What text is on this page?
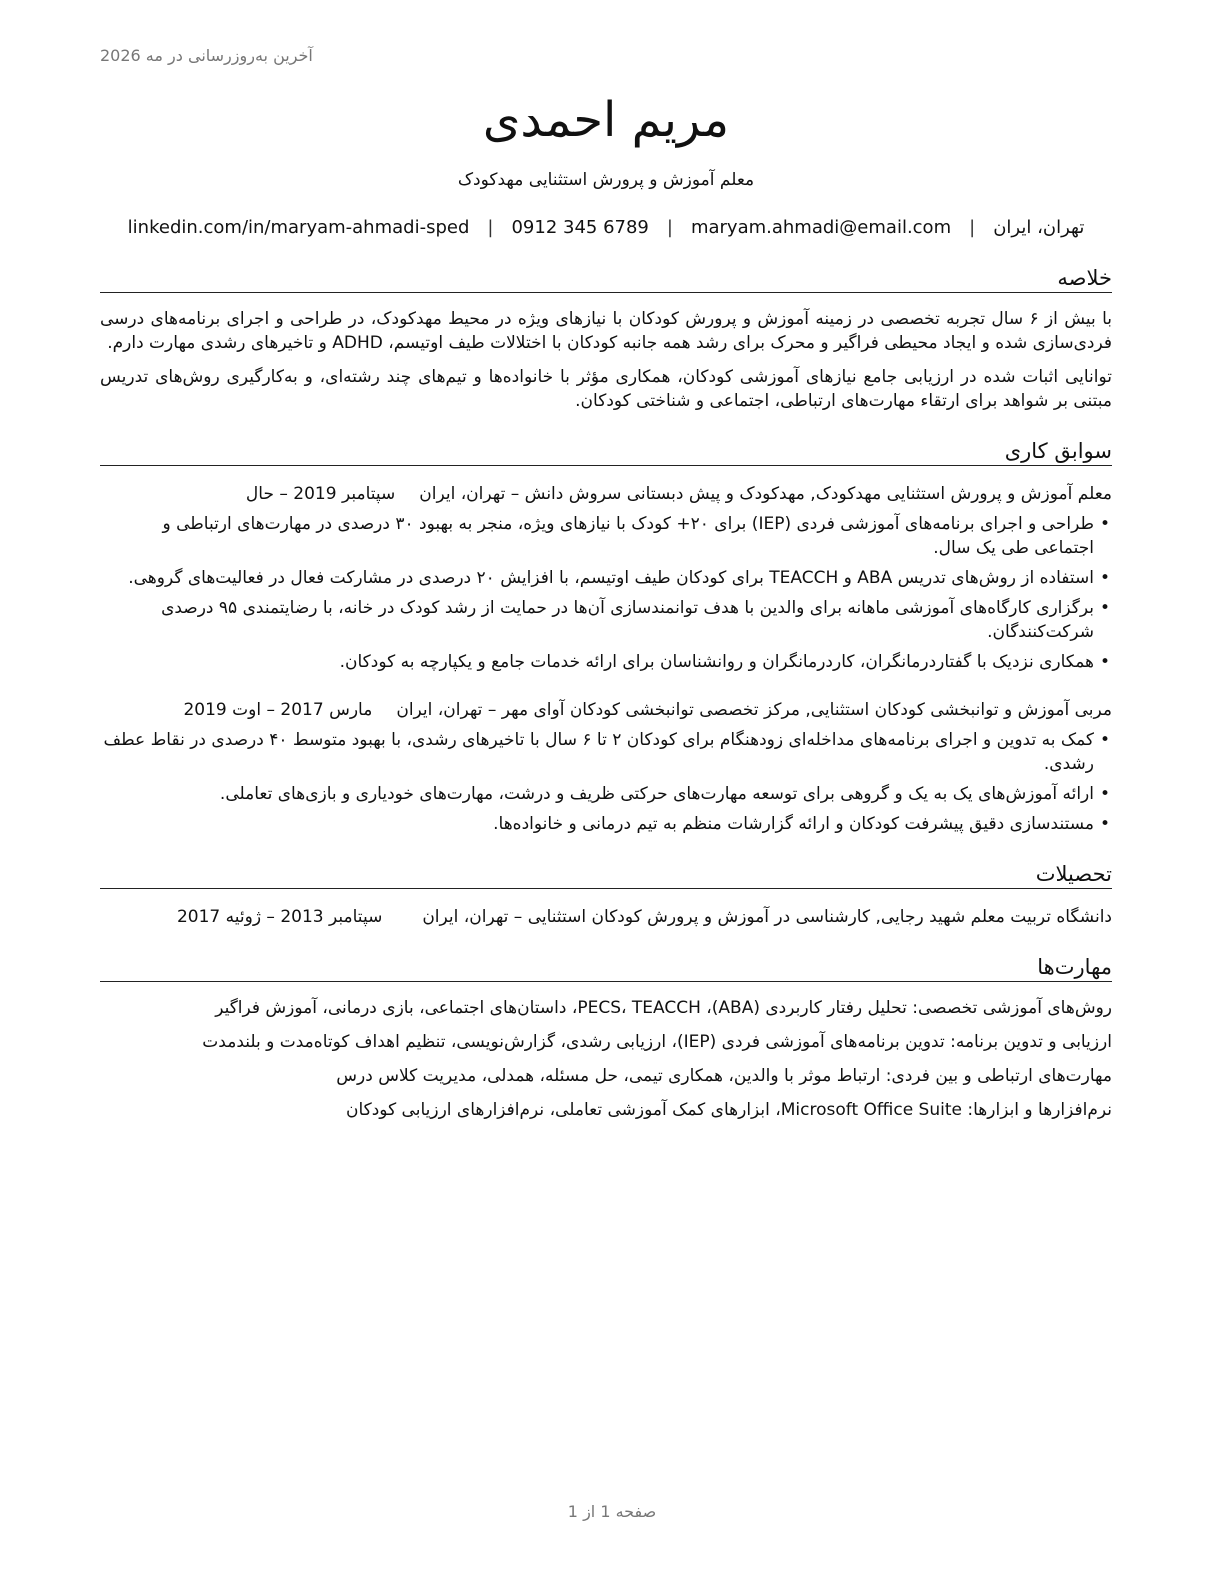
آخرین به‌روزرسانی در مه 2026
مریم احمدی
معلم آموزش و پرورش استثنایی مهدکودک
تهران، ایران
|
maryam.ahmadi@email.com
|
0912 345 6789
|
linkedin.com/in/maryam-ahmadi-sped
خلاصه
با بیش از ۶ سال تجربه تخصصی در زمینه آموزش و پرورش کودکان با نیازهای ویژه در محیط مهدکودک، در طراحی و اجرای برنامه‌های درسی فردی‌سازی شده و ایجاد محیطی فراگیر و محرک برای رشد همه جانبه کودکان با اختلالات طیف اوتیسم، ADHD و تاخیرهای رشدی مهارت دارم.
توانایی اثبات شده در ارزیابی جامع نیازهای آموزشی کودکان، همکاری مؤثر با خانواده‌ها و تیم‌های چند رشته‌ای، و به‌کارگیری روش‌های تدریس مبتنی بر شواهد برای ارتقاء مهارت‌های ارتباطی، اجتماعی و شناختی کودکان.
سوابق کاری
معلم آموزش و پرورش استثنایی مهدکودک, مهدکودک و پیش دبستانی سروش دانش – تهران، ایران
سپتامبر 2019 – حال
• طراحی و اجرای برنامه‌های آموزشی فردی (IEP) برای ۲۰+ کودک با نیازهای ویژه، منجر به بهبود ۳۰ درصدی در مهارت‌های ارتباطی و اجتماعی طی یک سال.
• استفاده از روش‌های تدریس ABA و TEACCH برای کودکان طیف اوتیسم، با افزایش ۲۰ درصدی در مشارکت فعال در فعالیت‌های گروهی.
• برگزاری کارگاه‌های آموزشی ماهانه برای والدین با هدف توانمندسازی آن‌ها در حمایت از رشد کودک در خانه، با رضایتمندی ۹۵ درصدی شرکت‌کنندگان.
• همکاری نزدیک با گفتاردرمانگران، کاردرمانگران و روانشناسان برای ارائه خدمات جامع و یکپارچه به کودکان.
مربی آموزش و توانبخشی کودکان استثنایی, مرکز تخصصی توانبخشی کودکان آوای مهر – تهران، ایران
مارس 2017 – اوت 2019
• کمک به تدوین و اجرای برنامه‌های مداخله‌ای زودهنگام برای کودکان ۲ تا ۶ سال با تاخیرهای رشدی، با بهبود متوسط ۴۰ درصدی در نقاط عطف رشدی.
• ارائه آموزش‌های یک به یک و گروهی برای توسعه مهارت‌های حرکتی ظریف و درشت، مهارت‌های خودیاری و بازی‌های تعاملی.
• مستندسازی دقیق پیشرفت کودکان و ارائه گزارشات منظم به تیم درمانی و خانواده‌ها.
تحصیلات
دانشگاه تربیت معلم شهید رجایی, کارشناسی در آموزش و پرورش کودکان استثنایی – تهران، ایران
سپتامبر 2013 – ژوئیه 2017
مهارت‌ها
روش‌های آموزشی تخصصی: تحلیل رفتار کاربردی (ABA)، PECS، TEACCH، داستان‌های اجتماعی، بازی درمانی، آموزش فراگیر
ارزیابی و تدوین برنامه: تدوین برنامه‌های آموزشی فردی (IEP)، ارزیابی رشدی، گزارش‌نویسی، تنظیم اهداف کوتاه‌مدت و بلندمدت
مهارت‌های ارتباطی و بین فردی: ارتباط موثر با والدین، همکاری تیمی، حل مسئله، همدلی، مدیریت کلاس درس
نرم‌افزارها و ابزارها: Microsoft Office Suite، ابزارهای کمک آموزشی تعاملی، نرم‌افزارهای ارزیابی کودکان
صفحه 1 از 1
